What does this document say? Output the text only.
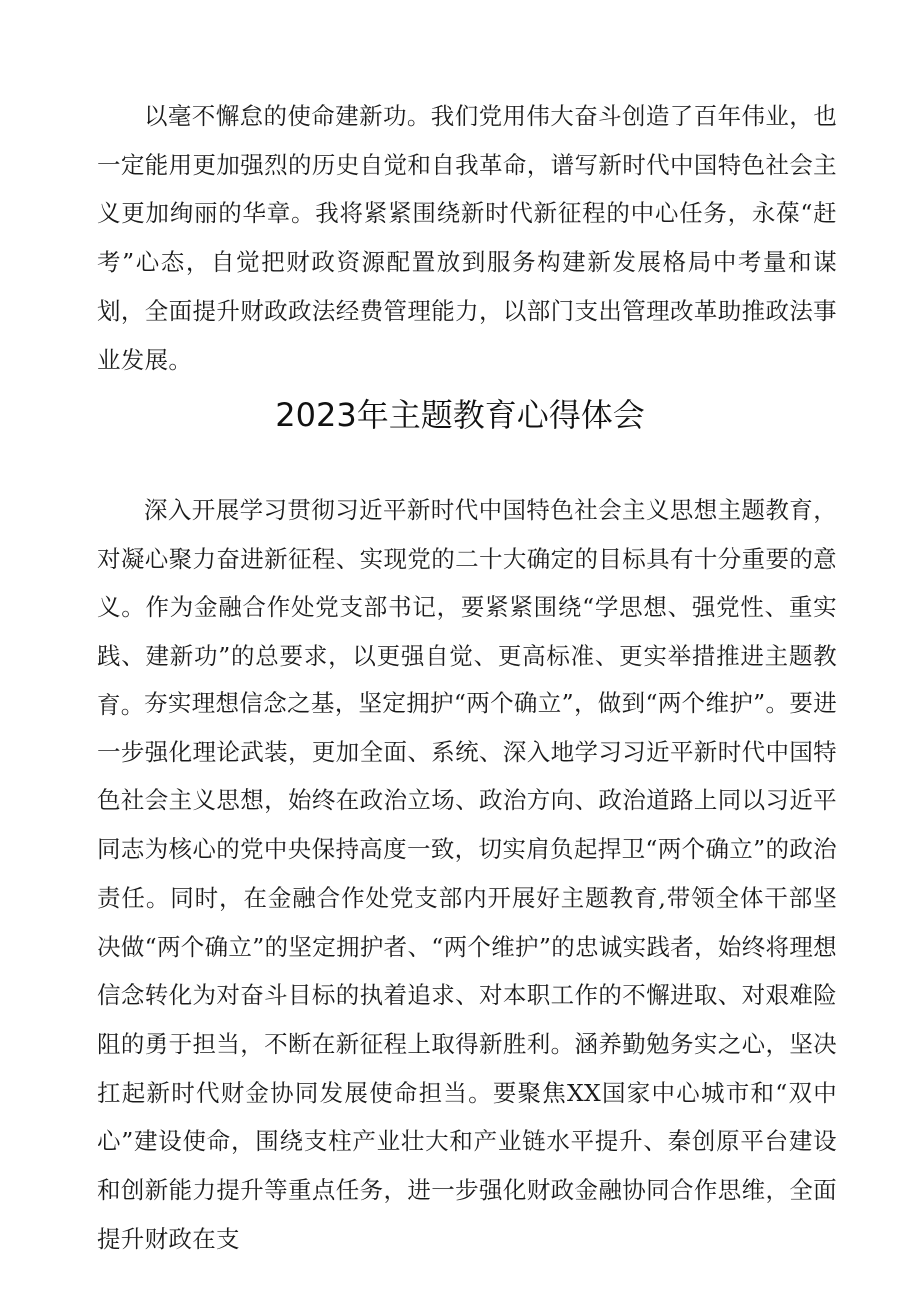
以毫不懈怠的使命建新功。我们党用伟大奋斗创造了百年伟业，也一定能用更加强烈的历史自觉和自我革命，谱写新时代中国特色社会主义更加绚丽的华章。我将紧紧围绕新时代新征程的中心任务，永葆“赶考”心态，自觉把财政资源配置放到服务构建新发展格局中考量和谋划，全面提升财政政法经费管理能力，以部门支出管理改革助推政法事业发展。

2023年主题教育心得体会

深入开展学习贯彻习近平新时代中国特色社会主义思想主题教育，对凝心聚力奋进新征程、实现党的二十大确定的目标具有十分重要的意义。作为金融合作处党支部书记，要紧紧围绕“学思想、强党性、重实践、建新功”的总要求，以更强自觉、更高标准、更实举措推进主题教育。 夯实理想信念之基，坚定拥护“两个确立”，做到“两个维护”。要进一步强化理论武装，更加全面、系统、深入地学习习近平新时代中国特色社会主义思想，始终在政治立场、政治方向、政治道路上同以习近平同志为核心的党中央保持高度一致，切实肩负起捍卫“两个确立”的政治责任。同时，在金融合作处党支部内开展好主题教育,带领全体干部坚决做“两个确立”的坚定拥护者、“两个维护”的忠诚实践者，始终将理想信念转化为对奋斗目标的执着追求、对本职工作的不懈进取、对艰难险阻的勇于担当，不断在新征程上取得新胜利。涵养勤勉务实之心，坚决扛起新时代财金协同发展使命担当。要聚焦XX国家中心城市和“双中心”建设使命，围绕支柱产业壮大和产业链水平提升、秦创原平台建设和创新能力提升等重点任务，进一步强化财政金融协同合作思维，全面提升财政在支
